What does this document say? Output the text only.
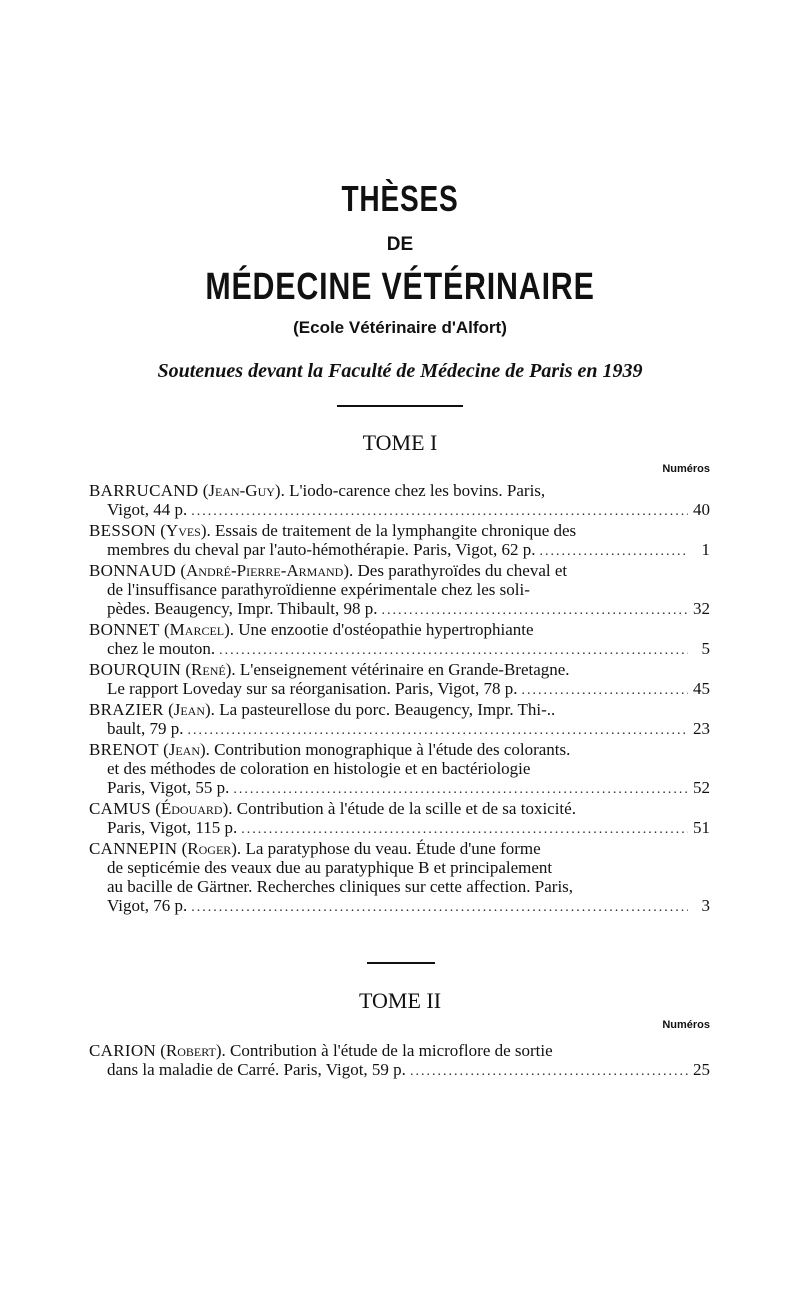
THÈSES
DE
MÉDECINE VÉTÉRINAIRE
(Ecole Vétérinaire d'Alfort)
Soutenues devant la Faculté de Médecine de Paris en 1939
TOME I
Numéros
BARRUCAND (Jean-Guy). L'iodo-carence chez les bovins. Paris,
Vigot, 44 p. .....	40
BESSON (Yves). Essais de traitement de la lymphangite chronique des
membres du cheval par l'auto-hémothérapie. Paris, Vigot, 62 p. .....	1
BONNAUD (André-Pierre-Armand). Des parathyroïdes du cheval et
de l'insuffisance parathyroïdienne expérimentale chez les soli-
pèdes. Beaugency, Impr. Thibault, 98 p. .....	32
BONNET (Marcel). Une enzootie d'ostéopathie hypertrophiante
chez le mouton. .....	5
BOURQUIN (René). L'enseignement vétérinaire en Grande-Bretagne.
Le rapport Loveday sur sa réorganisation. Paris, Vigot, 78 p. .....	45
BRAZIER (Jean). La pasteurellose du porc. Beaugency, Impr. Thi-..
bault, 79 p. .....	23
BRENOT (Jean). Contribution monographique à l'étude des colorants.
et des méthodes de coloration en histologie et en bactériologie
Paris, Vigot, 55 p. .....	52
CAMUS (Édouard). Contribution à l'étude de la scille et de sa toxicité.
Paris, Vigot, 115 p. .....	51
CANNEPIN (Roger). La paratyphose du veau. Étude d'une forme
de septicémie des veaux due au paratyphique B et principalement
au bacille de Gärtner. Recherches cliniques sur cette affection. Paris,
Vigot, 76 p. .....	3
TOME II
Numéros
CARION (Robert). Contribution à l'étude de la microflore de sortie
dans la maladie de Carré. Paris, Vigot, 59 p. .....	25
